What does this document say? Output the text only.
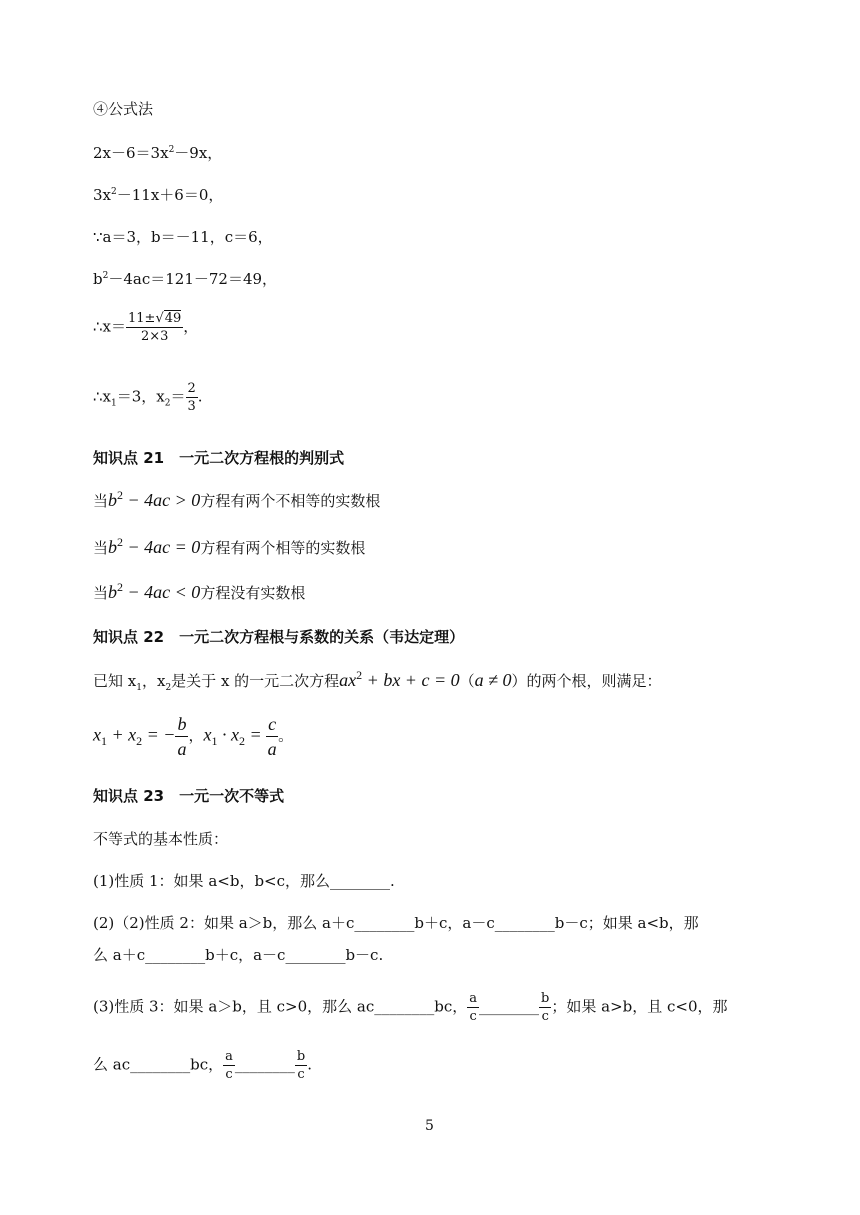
④公式法
$2x-6=3x^2-9x$，
$3x^2-11x+6=0$，
∵a＝3，b＝－11，c＝6，
$b^2-4ac=121-72=49$，
∴x＝ $\frac{11\pm√49}{2\times 3}$ ，
$\therefore x_1=3$，$x_2= \frac{2}{3}$ .
知识点 21　一元二次方程根的判别式
当$b^2 - 4ac > 0$方程有两个不相等的实数根
当$b^2 - 4ac = 0$方程有两个相等的实数根
当$b^2 - 4ac < 0$方程没有实数根
知识点 22　一元二次方程根与系数的关系（韦达定理）
已知 $x_1$，$x_2$是关于 x 的一元二次方程$ax^2$ + bx + c = 0（a ≠ 0）的两个根，则满足：
$x_1 + x_2$ = − $\frac{b}{a}$ ，$x_1 \cdot x_2 = \frac{c}{a}$ 。
知识点 23　一元一次不等式
不等式的基本性质：
(1)性质 1：如果 a<b，b<c，那么________.
(2)（2)性质 2：如果 a＞b，那么 a＋c________b＋c，a－c________b－c；如果 a<b，那
么 a＋c________b＋c，a－c________b－c.
(3)性质 3：如果 a＞b，且 c>0，那么 ac________bc， $\frac{a}{c}$ ________ $\frac{b}{c}$ ；如果 a>b，且 c<0，那
么 ac________bc， $\frac{a}{c}$ ________ $\frac{b}{c}$ .
5
